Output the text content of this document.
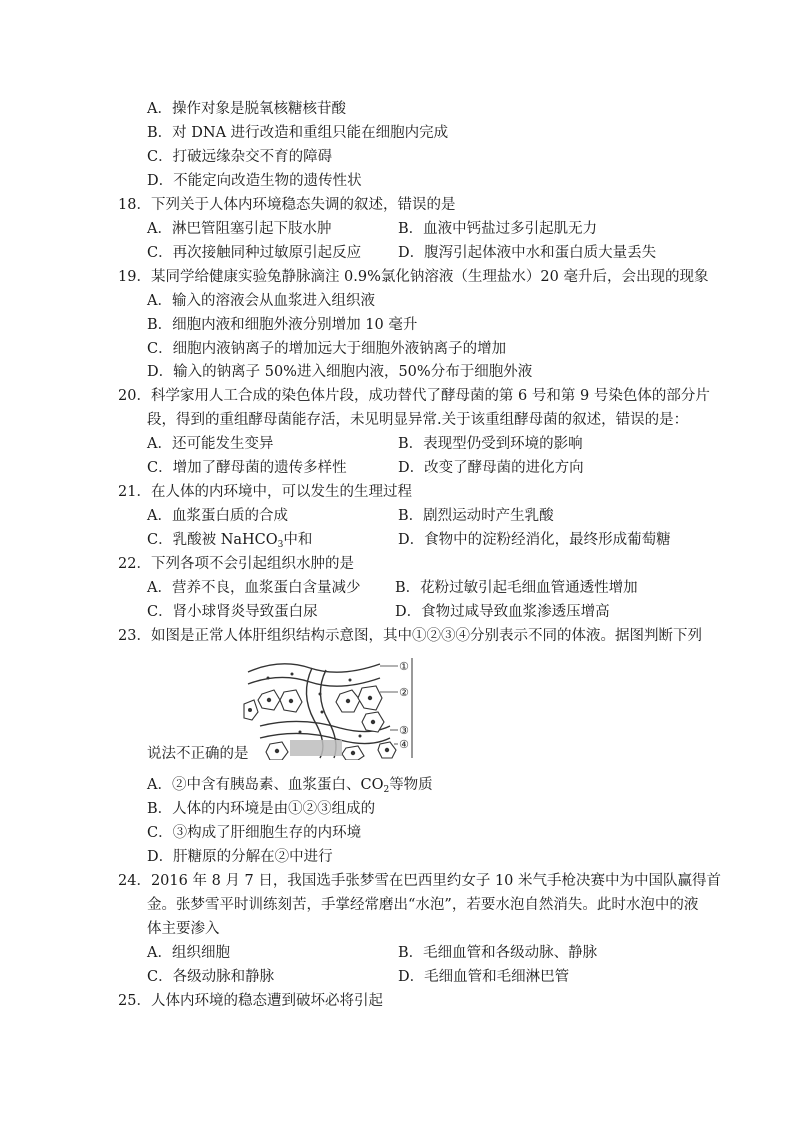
A．操作对象是脱氧核糖核苷酸
B．对 DNA 进行改造和重组只能在细胞内完成
C．打破远缘杂交不育的障碍
D．不能定向改造生物的遗传性状
18．下列关于人体内环境稳态失调的叙述，错误的是
A．淋巴管阻塞引起下肢水肿	B．血液中钙盐过多引起肌无力
C．再次接触同种过敏原引起反应	D．腹泻引起体液中水和蛋白质大量丢失
19．某同学给健康实验兔静脉滴注 0.9%氯化钠溶液（生理盐水）20 毫升后，会出现的现象
A．输入的溶液会从血浆进入组织液
B．细胞内液和细胞外液分别增加 10 毫升
C．细胞内液钠离子的增加远大于细胞外液钠离子的增加
D．输入的钠离子 50%进入细胞内液，50%分布于细胞外液
20．科学家用人工合成的染色体片段，成功替代了酵母菌的第 6 号和第 9 号染色体的部分片
段，得到的重组酵母菌能存活，未见明显异常.关于该重组酵母菌的叙述，错误的是：
A．还可能发生变异	B．表现型仍受到环境的影响
C．增加了酵母菌的遗传多样性	D．改变了酵母菌的进化方向
21．在人体的内环境中，可以发生的生理过程
A．血浆蛋白质的合成	B．剧烈运动时产生乳酸
C．乳酸被 NaHCO$_3$中和	D．食物中的淀粉经消化，最终形成葡萄糖
22．下列各项不会引起组织水肿的是
A．营养不良，血浆蛋白含量减少 B．花粉过敏引起毛细血管通透性增加
C．肾小球肾炎导致蛋白尿	D．食物过咸导致血浆渗透压增高
23．如图是正常人体肝组织结构示意图，其中①②③④分别表示不同的体液。据图判断下列
①
②
③
④
说法不正确的是
A．②中含有胰岛素、血浆蛋白、$CO_2$等物质
B．人体的内环境是由①②③组成的
C．③构成了肝细胞生存的内环境
D．肝糖原的分解在②中进行
24．2016 年 8 月 7 日，我国选手张梦雪在巴西里约女子 10 米气手枪决赛中为中国队赢得首
金。张梦雪平时训练刻苦，手掌经常磨出“水泡”，若要水泡自然消失。此时水泡中的液
体主要渗入
A．组织细胞	B．毛细血管和各级动脉、静脉
C．各级动脉和静脉	D．毛细血管和毛细淋巴管
25．人体内环境的稳态遭到破坏必将引起
